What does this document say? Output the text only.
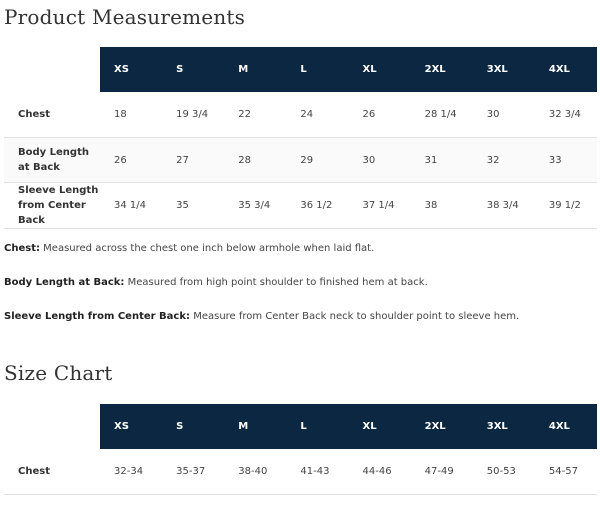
Product Measurements
	XS	S	M	L	XL	2XL	3XL	4XL
Chest	18	19 3/4	22	24	26	28 1/4	30	32 3/4
Body Length at Back	26	27	28	29	30	31	32	33
Sleeve Length from Center Back	34 1/4	35	35 3/4	36 1/2	37 1/4	38	38 3/4	39 1/2

Chest: Measured across the chest one inch below armhole when laid flat.

Body Length at Back: Measured from high point shoulder to finished hem at back.

Sleeve Length from Center Back: Measure from Center Back neck to shoulder point to sleeve hem.

Size Chart
	XS	S	M	L	XL	2XL	3XL	4XL
Chest	32-34	35-37	38-40	41-43	44-46	47-49	50-53	54-57
